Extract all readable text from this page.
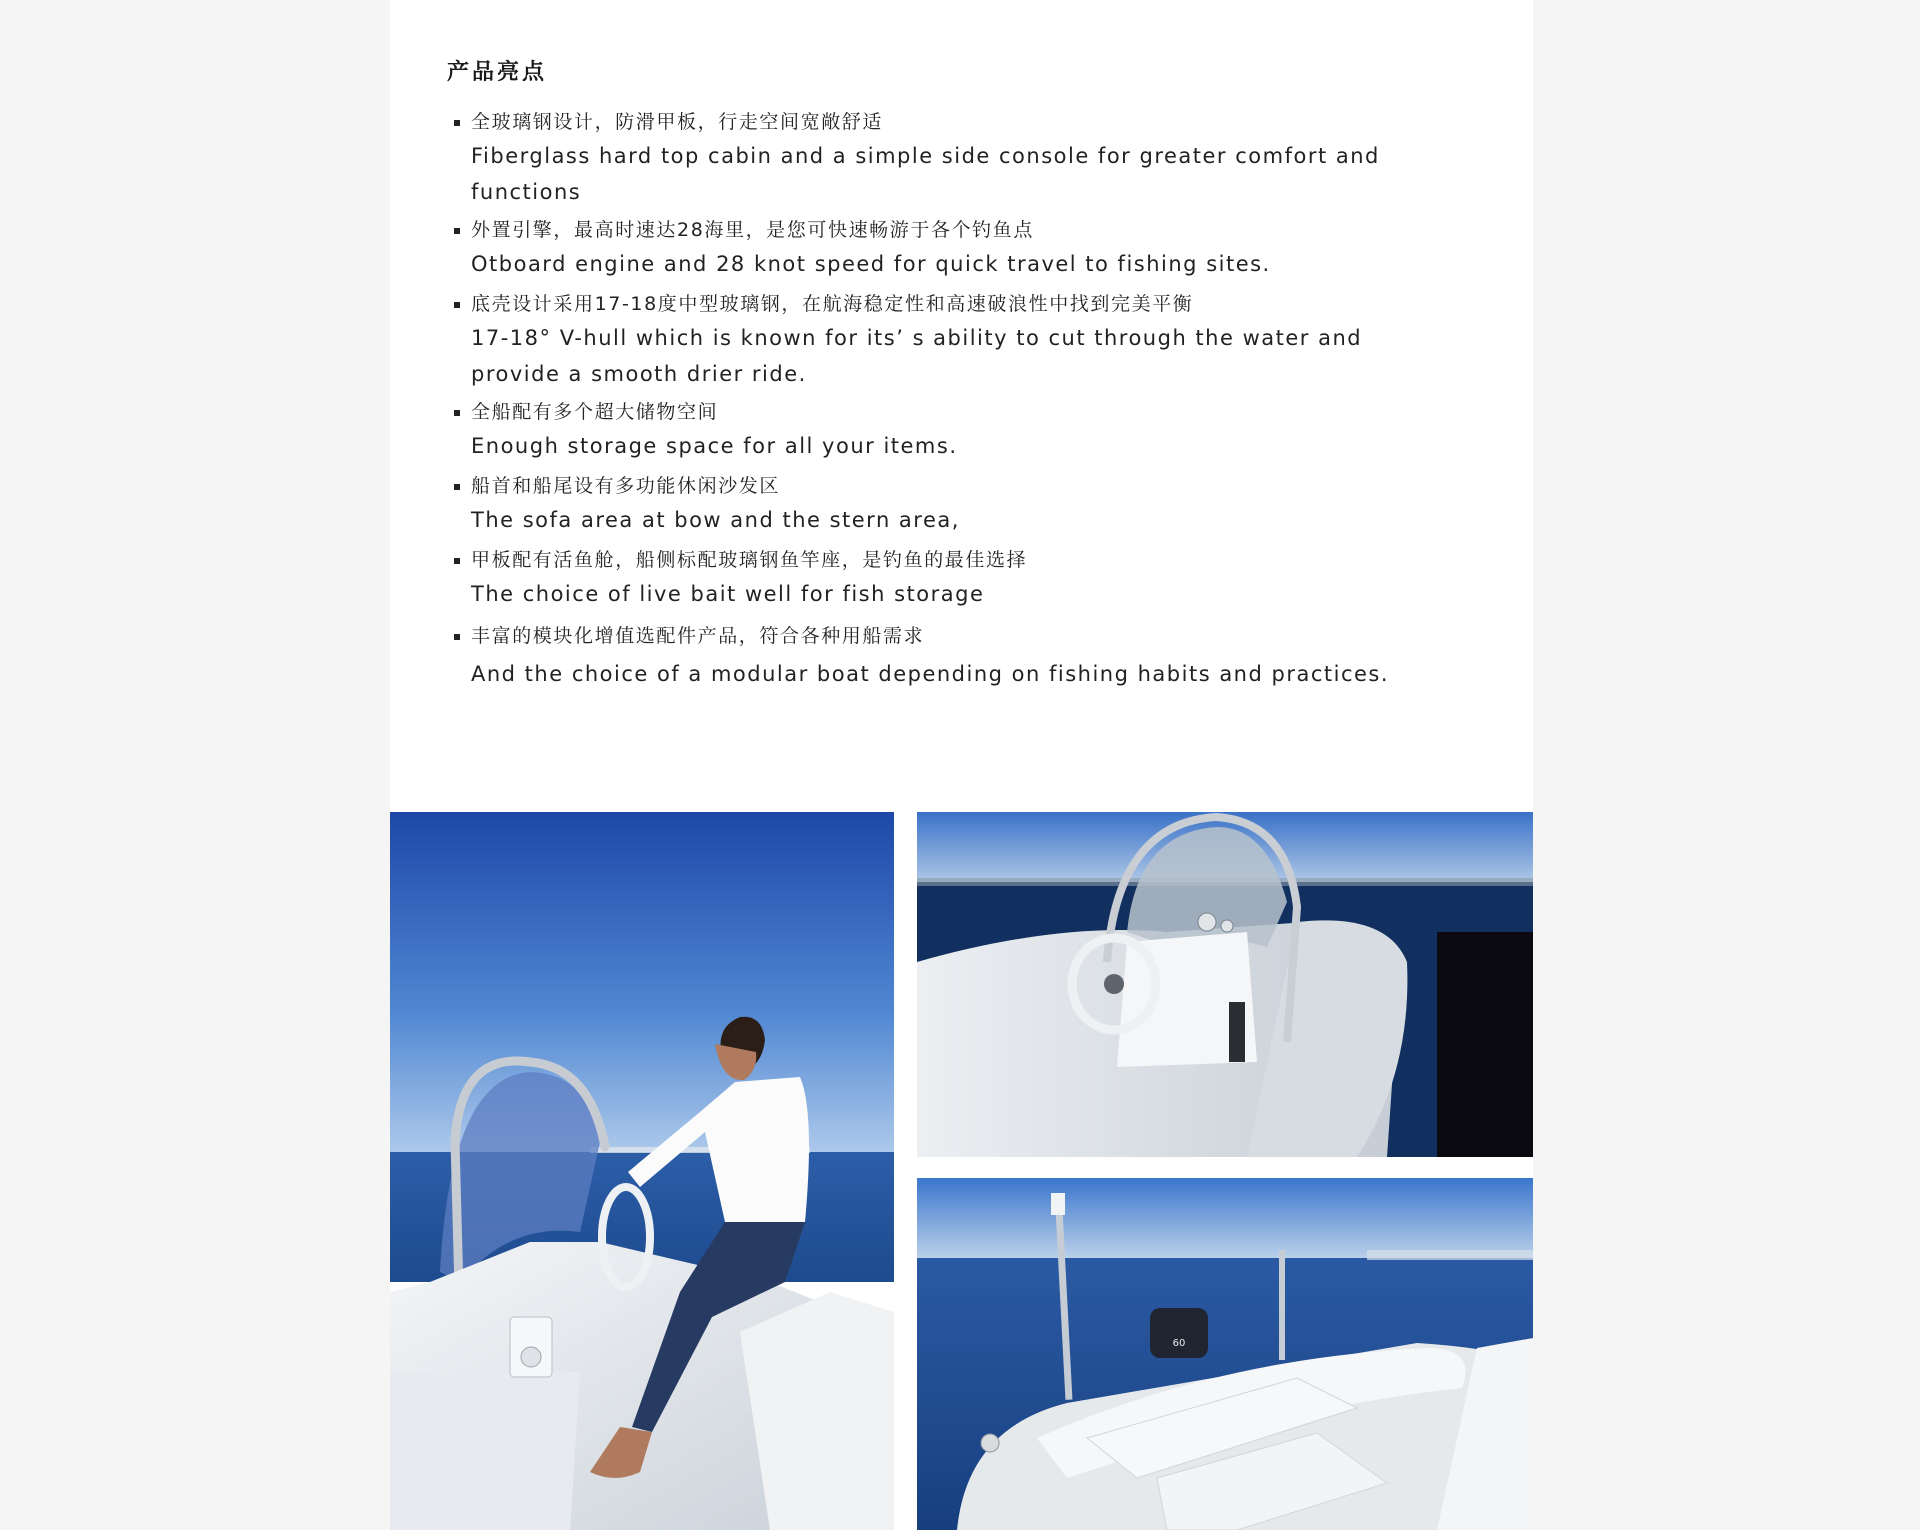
产品亮点
全玻璃钢设计，防滑甲板，行走空间宽敞舒适
Fiberglass hard top cabin and a simple side console for greater comfort and functions
外置引擎，最高时速达28海里，是您可快速畅游于各个钓鱼点
Otboard engine and 28 knot speed for quick travel to fishing sites.
底壳设计采用17-18度中型玻璃钢，在航海稳定性和高速破浪性中找到完美平衡
17-18° V-hull which is known for its’ s ability to cut through the water and provide a smooth drier ride.
全船配有多个超大储物空间
Enough storage space for all your items.
船首和船尾设有多功能休闲沙发区
The sofa area at bow and the stern area,
甲板配有活鱼舱，船侧标配玻璃钢鱼竿座，是钓鱼的最佳选择
The choice of live bait well for fish storage
丰富的模块化增值选配件产品，符合各种用船需求
And the choice of a modular boat depending on fishing habits and practices.
60
